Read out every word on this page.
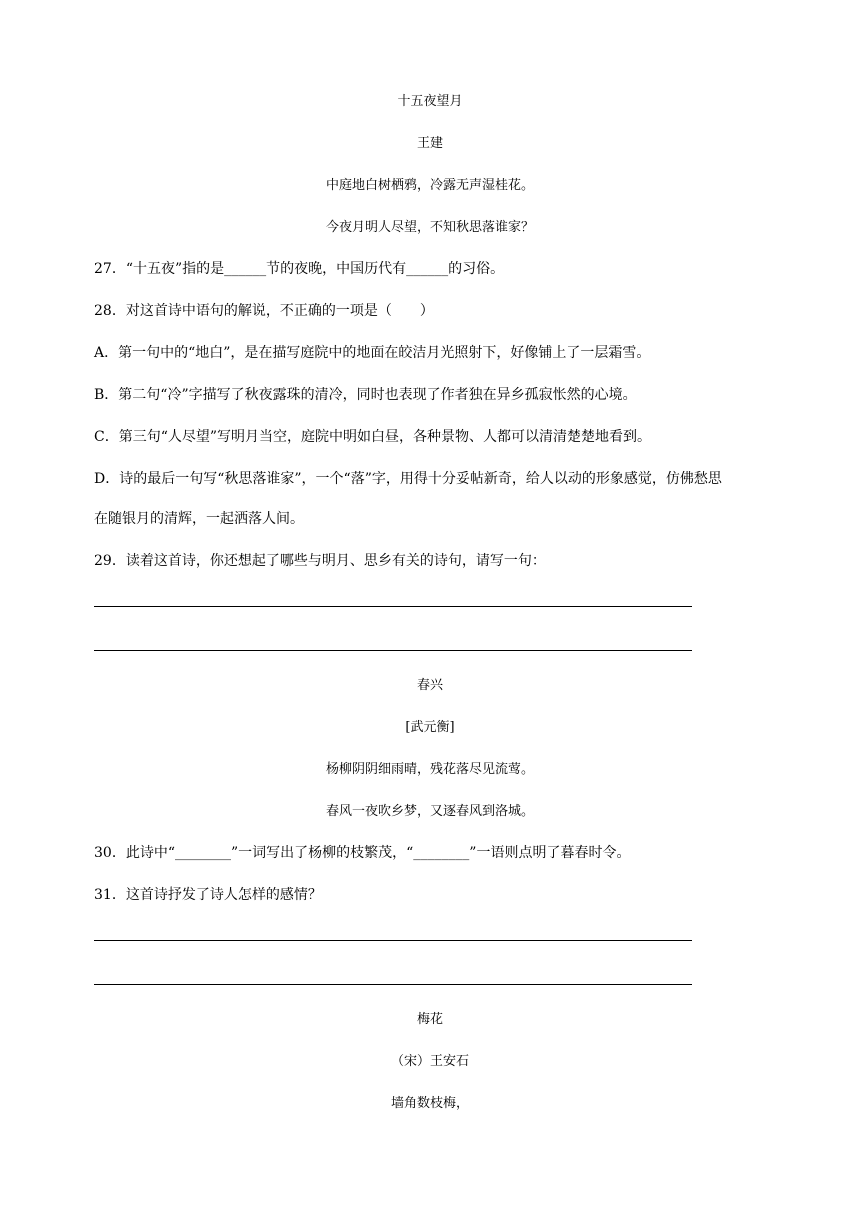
十五夜望月
王建
中庭地白树栖鸦，冷露无声湿桂花。
今夜月明人尽望，不知秋思落谁家？
27．“十五夜”指的是______节的夜晚，中国历代有______的习俗。
28．对这首诗中语句的解说，不正确的一项是（　　）
A．第一句中的“地白”，是在描写庭院中的地面在皎洁月光照射下，好像铺上了一层霜雪。
B．第二句“冷”字描写了秋夜露珠的清冷，同时也表现了作者独在异乡孤寂怅然的心境。
C．第三句“人尽望”写明月当空，庭院中明如白昼，各种景物、人都可以清清楚楚地看到。
D．诗的最后一句写“秋思落谁家”，一个“落”字，用得十分妥帖新奇，给人以动的形象感觉，仿佛愁思
在随银月的清辉，一起洒落人间。
29．读着这首诗，你还想起了哪些与明月、思乡有关的诗句，请写一句：
春兴
[武元衡]
杨柳阴阴细雨晴，残花落尽见流莺。
春风一夜吹乡梦，又逐春风到洛城。
30．此诗中“________”一词写出了杨柳的枝繁茂，“________”一语则点明了暮春时令。
31．这首诗抒发了诗人怎样的感情？
梅花
（宋）王安石
墙角数枝梅，
